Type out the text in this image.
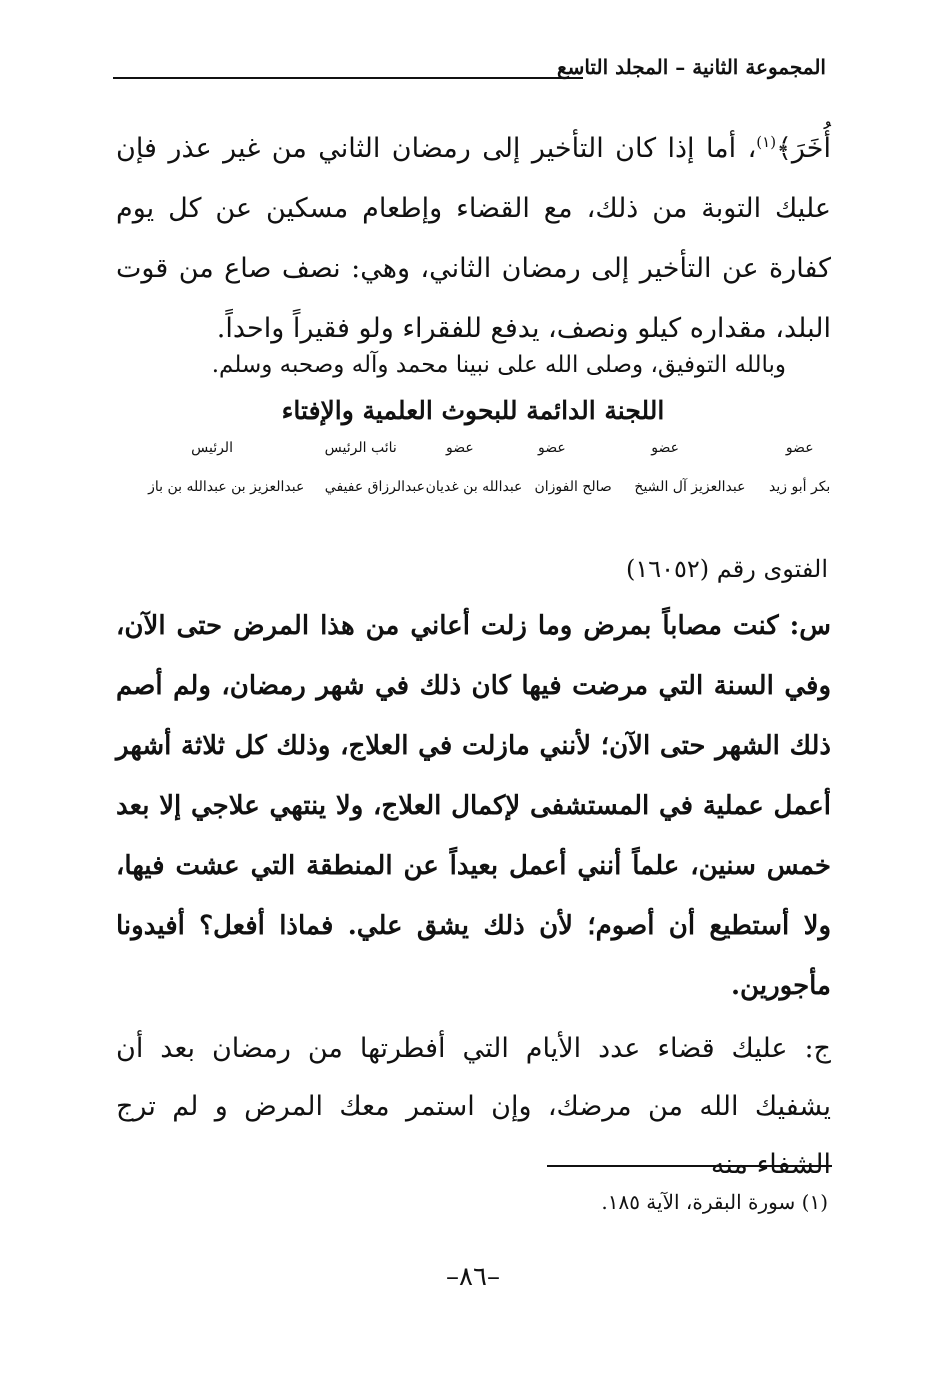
المجموعة الثانية – المجلد التاسع
أُخَرَ﴾$^{(١)}$، أما إذا كان التأخير إلى رمضان الثاني من غير عذر فإن عليك التوبة من ذلك، مع القضاء وإطعام مسكين عن كل يوم كفارة عن التأخير إلى رمضان الثاني، وهي: نصف صاع من قوت البلد، مقداره كيلو ونصف، يدفع للفقراء ولو فقيراً واحداً.
وبالله التوفيق، وصلى الله على نبينا محمد وآله وصحبه وسلم.
اللجنة الدائمة للبحوث العلمية والإفتاء
عضو
عضو
عضو
عضو
نائب الرئيس
الرئيس
بكر أبو زيد
عبدالعزيز آل الشيخ
صالح الفوزان
عبدالله بن غديان
عبدالرزاق عفيفي
عبدالعزيز بن عبدالله بن باز
الفتوى رقم (١٦٠٥٢)
س: كنت مصاباً بمرض وما زلت أعاني من هذا المرض حتى الآن، وفي السنة التي مرضت فيها كان ذلك في شهر رمضان، ولم أصم ذلك الشهر حتى الآن؛ لأنني مازلت في العلاج، وذلك كل ثلاثة أشهر أعمل عملية في المستشفى لإكمال العلاج، ولا ينتهي علاجي إلا بعد خمس سنين، علماً أنني أعمل بعيداً عن المنطقة التي عشت فيها، ولا أستطيع أن أصوم؛ لأن ذلك يشق علي. فماذا أفعل؟ أفيدونا مأجورين.
ج: عليك قضاء عدد الأيام التي أفطرتها من رمضان بعد أن يشفيك الله من مرضك، وإن استمر معك المرض و لم ترج الشفاء منه
(١) سورة البقرة، الآية ١٨٥.
–٨٦–
